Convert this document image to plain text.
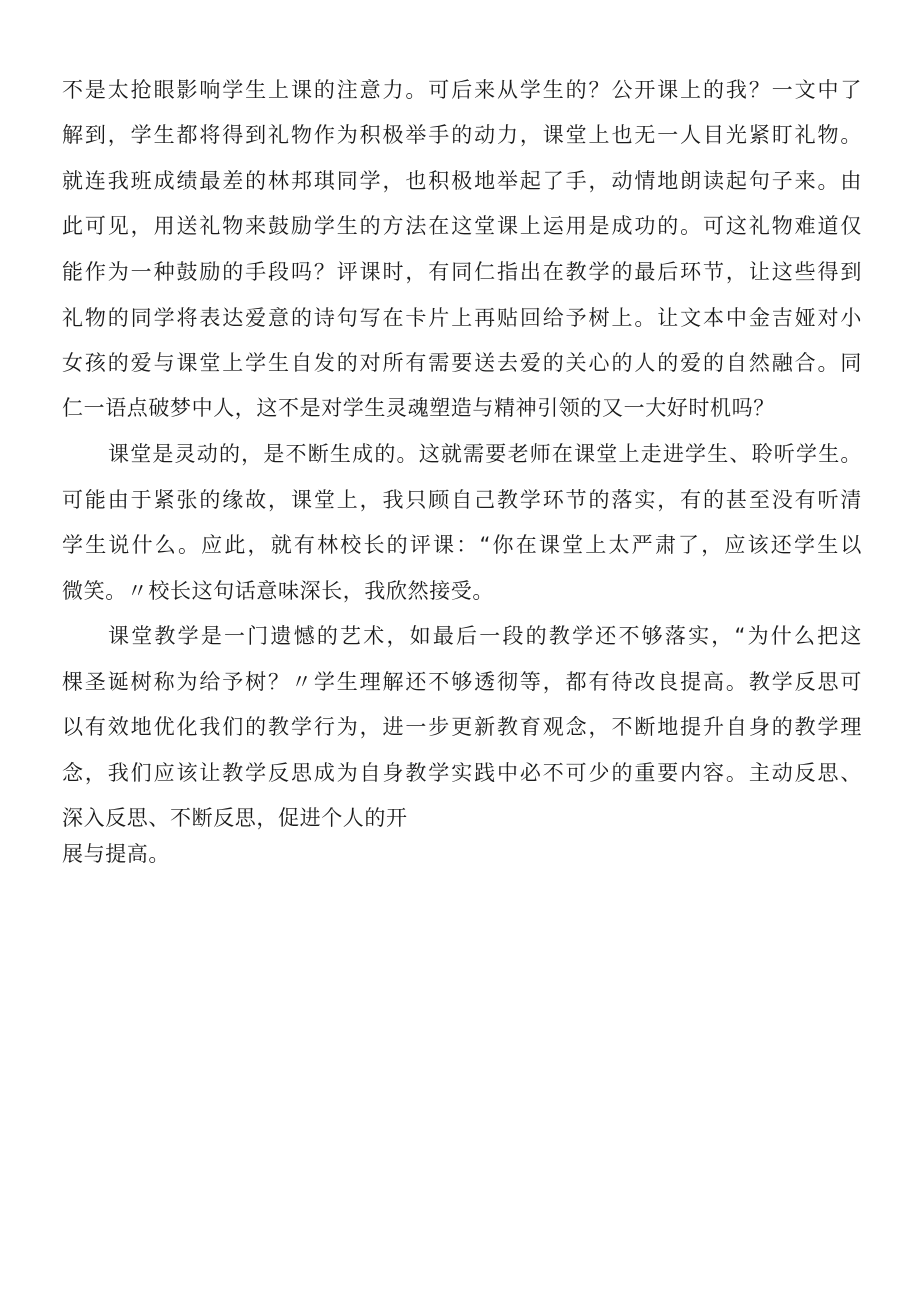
不是太抢眼影响学生上课的注意力。可后来从学生的？公开课上的我？一文中了
解到，学生都将得到礼物作为积极举手的动力，课堂上也无一人目光紧盯礼物。
就连我班成绩最差的林邦琪同学，也积极地举起了手，动情地朗读起句子来。由
此可见，用送礼物来鼓励学生的方法在这堂课上运用是成功的。可这礼物难道仅
能作为一种鼓励的手段吗？评课时，有同仁指出在教学的最后环节，让这些得到
礼物的同学将表达爱意的诗句写在卡片上再贴回给予树上。让文本中金吉娅对小
女孩的爱与课堂上学生自发的对所有需要送去爱的关心的人的爱的自然融合。同
仁一语点破梦中人，这不是对学生灵魂塑造与精神引领的又一大好时机吗？
课堂是灵动的，是不断生成的。这就需要老师在课堂上走进学生、聆听学生。
可能由于紧张的缘故，课堂上，我只顾自己教学环节的落实，有的甚至没有听清
学生说什么。应此，就有林校长的评课：“你在课堂上太严肃了，应该还学生以
微笑。〃校长这句话意味深长，我欣然接受。
课堂教学是一门遗憾的艺术，如最后一段的教学还不够落实，“为什么把这
棵圣诞树称为给予树？〃学生理解还不够透彻等，都有待改良提高。教学反思可
以有效地优化我们的教学行为，进一步更新教育观念，不断地提升自身的教学理
念，我们应该让教学反思成为自身教学实践中必不可少的重要内容。主动反思、
深入反思、不断反思，促进个人的开
展与提高。
